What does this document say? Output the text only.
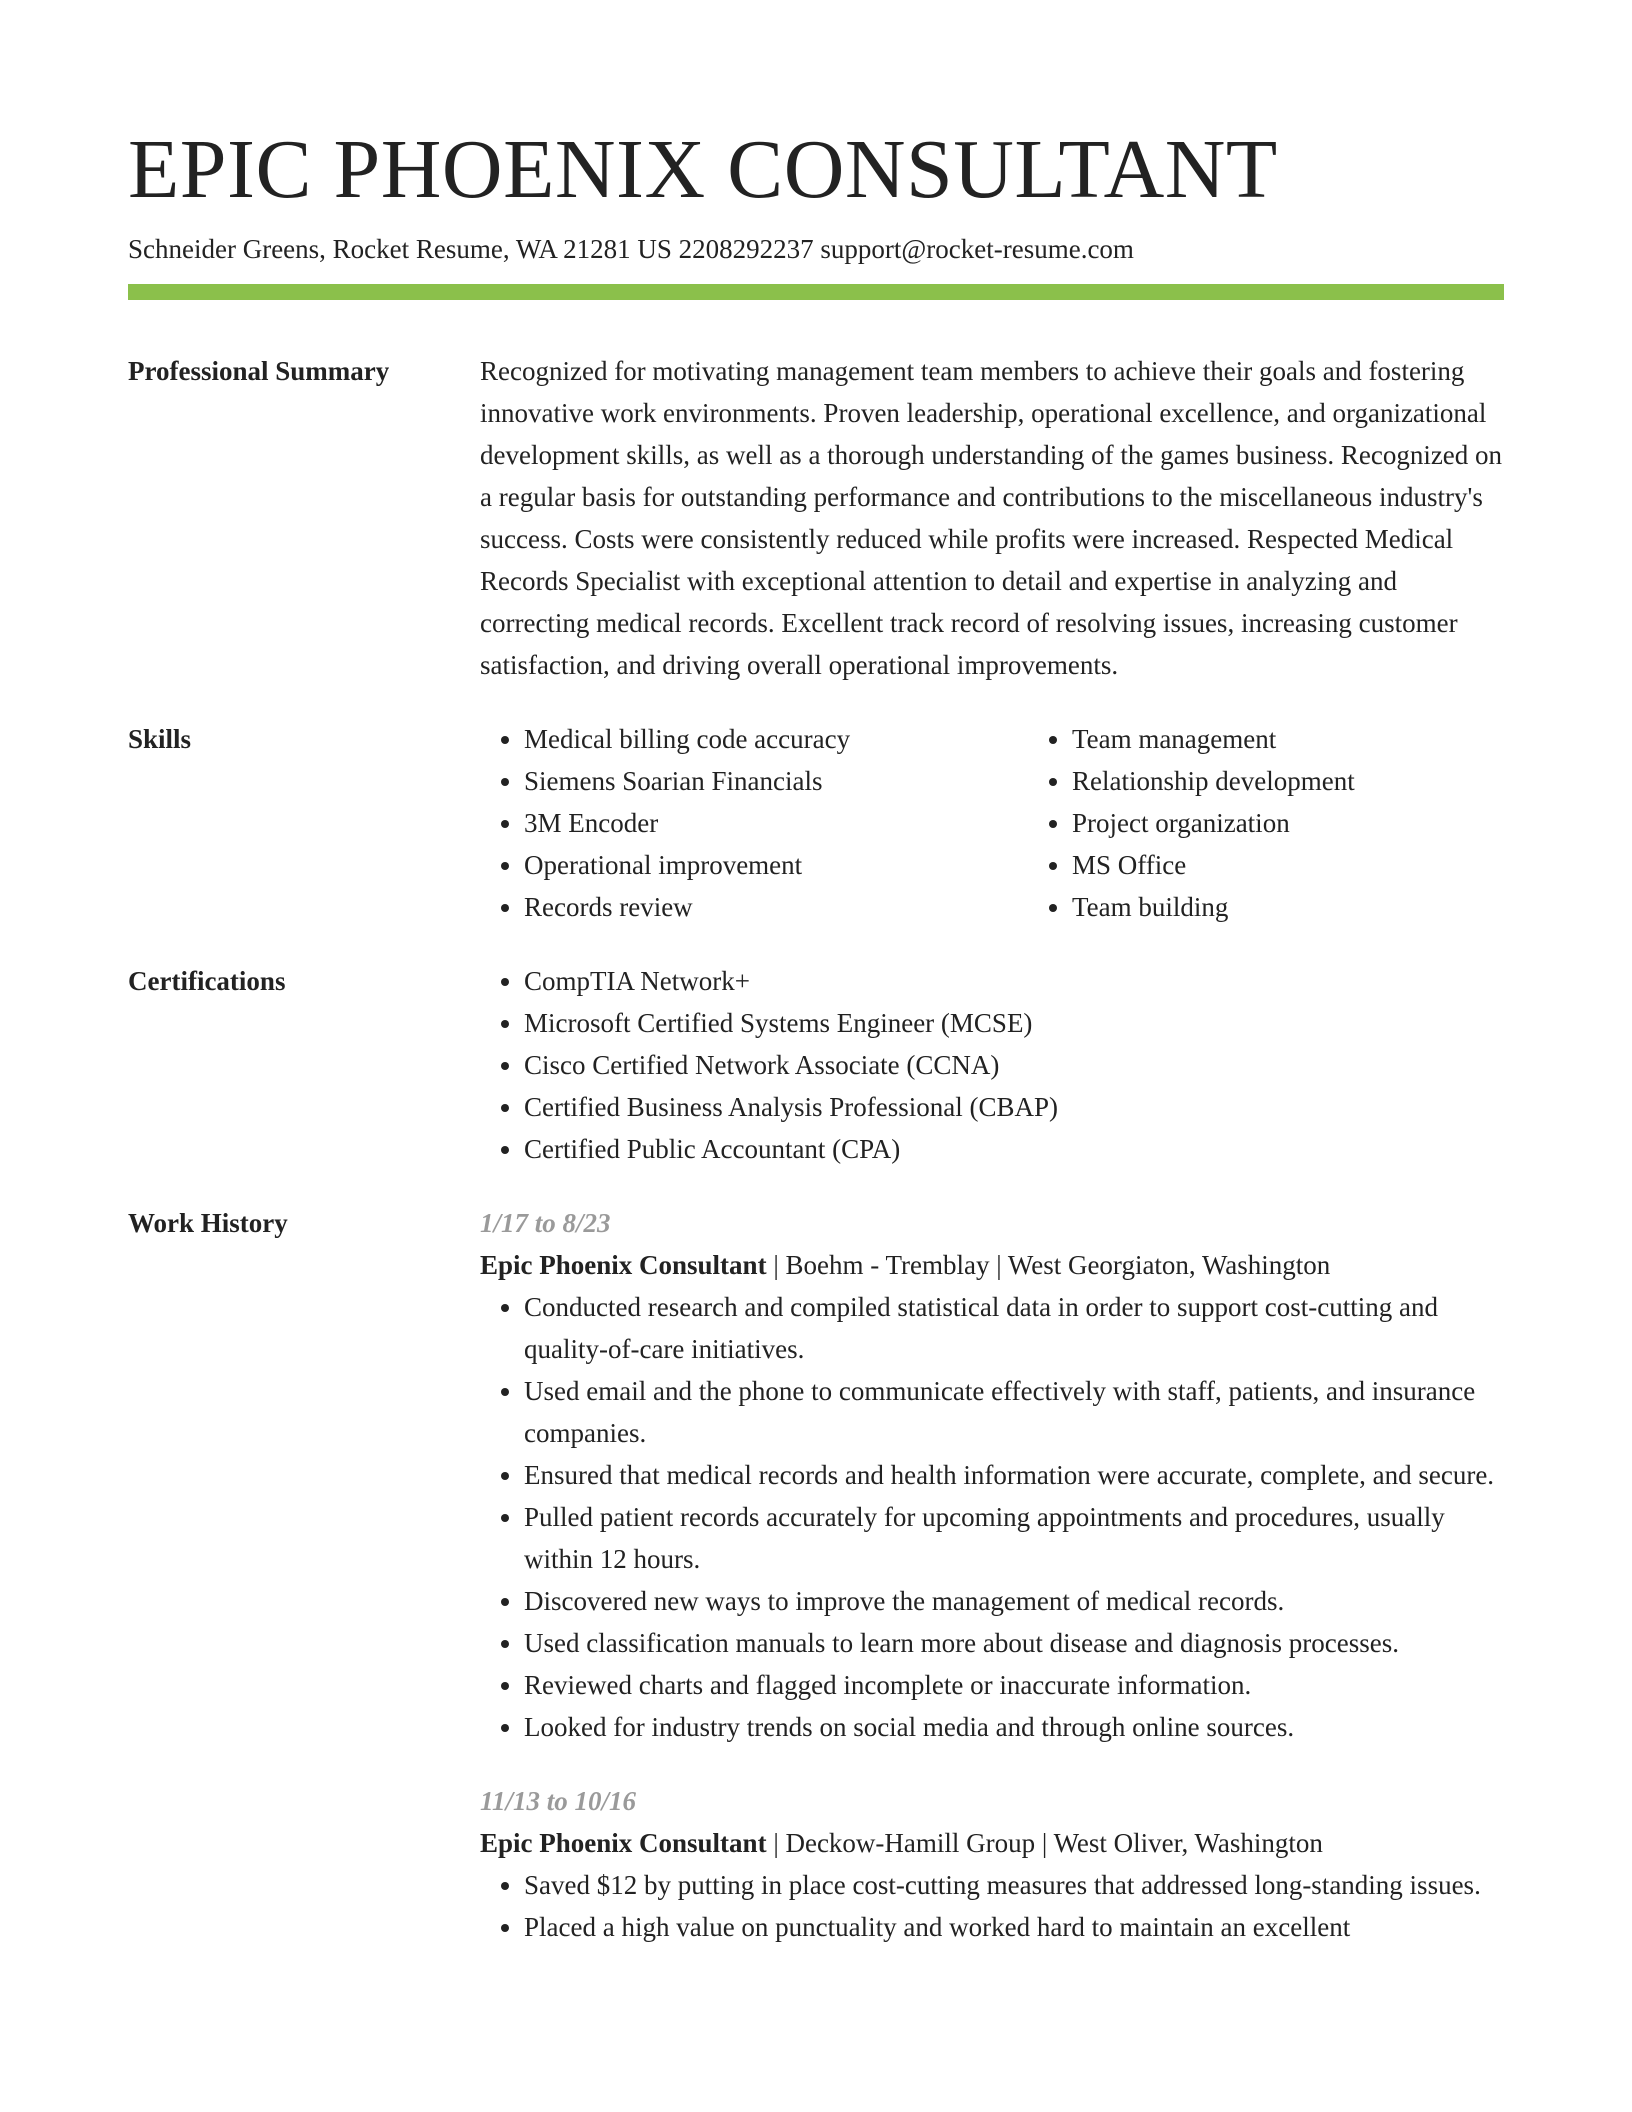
EPIC PHOENIX CONSULTANT
Schneider Greens, Rocket Resume, WA 21281 US 2208292237 support@rocket-resume.com
Professional Summary	Recognized for motivating management team members to achieve their goals and fostering innovative work environments. Proven leadership, operational excellence, and organizational development skills, as well as a thorough understanding of the games business. Recognized on a regular basis for outstanding performance and contributions to the miscellaneous industry's success. Costs were consistently reduced while profits were increased. Respected Medical Records Specialist with exceptional attention to detail and expertise in analyzing and correcting medical records. Excellent track record of resolving issues, increasing customer satisfaction, and driving overall operational improvements.
Skills	• Medical billing code accuracy
• Siemens Soarian Financials
• 3M Encoder
• Operational improvement
• Records review
• Team management
• Relationship development
• Project organization
• MS Office
• Team building
Certifications	• CompTIA Network+
• Microsoft Certified Systems Engineer (MCSE)
• Cisco Certified Network Associate (CCNA)
• Certified Business Analysis Professional (CBAP)
• Certified Public Accountant (CPA)
Work History	1/17 to 8/23
Epic Phoenix Consultant | Boehm - Tremblay | West Georgiaton, Washington
• Conducted research and compiled statistical data in order to support cost-cutting and quality-of-care initiatives.
• Used email and the phone to communicate effectively with staff, patients, and insurance companies.
• Ensured that medical records and health information were accurate, complete, and secure.
• Pulled patient records accurately for upcoming appointments and procedures, usually within 12 hours.
• Discovered new ways to improve the management of medical records.
• Used classification manuals to learn more about disease and diagnosis processes.
• Reviewed charts and flagged incomplete or inaccurate information.
• Looked for industry trends on social media and through online sources.
11/13 to 10/16
Epic Phoenix Consultant | Deckow-Hamill Group | West Oliver, Washington
• Saved $12 by putting in place cost-cutting measures that addressed long-standing issues.
• Placed a high value on punctuality and worked hard to maintain an excellent
